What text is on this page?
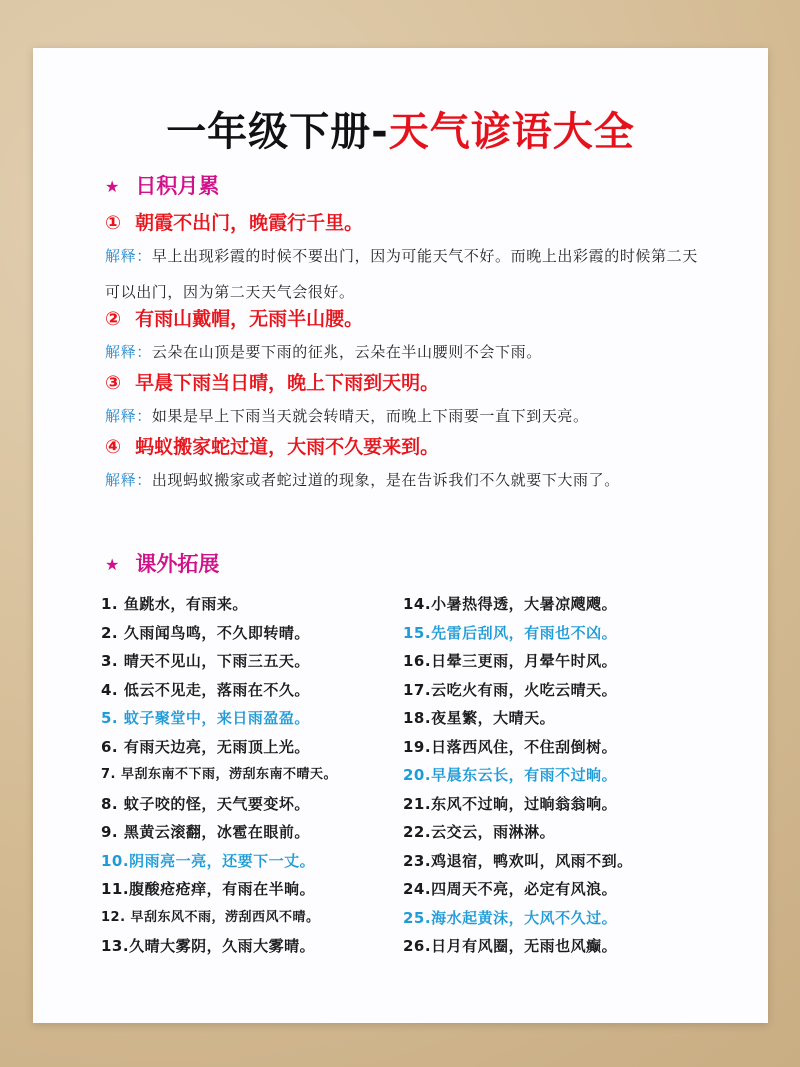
一年级下册-天气谚语大全
★ 日积月累
① 朝霞不出门，晚霞行千里。
解释：早上出现彩霞的时候不要出门，因为可能天气不好。而晚上出彩霞的时候第二天可以出门，因为第二天天气会很好。
② 有雨山戴帽，无雨半山腰。
解释：云朵在山顶是要下雨的征兆，云朵在半山腰则不会下雨。
③ 早晨下雨当日晴，晚上下雨到天明。
解释：如果是早上下雨当天就会转晴天，而晚上下雨要一直下到天亮。
④ 蚂蚁搬家蛇过道，大雨不久要来到。
解释：出现蚂蚁搬家或者蛇过道的现象，是在告诉我们不久就要下大雨了。
★ 课外拓展
1. 鱼跳水，有雨来。
2. 久雨闻鸟鸣，不久即转晴。
3. 晴天不见山，下雨三五天。
4. 低云不见走，落雨在不久。
5. 蚊子聚堂中，来日雨盈盈。
6. 有雨天边亮，无雨顶上光。
7. 早刮东南不下雨，涝刮东南不晴天。
8. 蚊子咬的怪，天气要变坏。
9. 黑黄云滚翻，冰雹在眼前。
10.阴雨亮一亮，还要下一丈。
11.腹酸疮疮痒，有雨在半晌。
12. 早刮东风不雨，涝刮西风不晴。
13.久晴大雾阴，久雨大雾晴。
14.小暑热得透，大暑凉飕飕。
15.先雷后刮风，有雨也不凶。
16.日晕三更雨，月晕午时风。
17.云吃火有雨，火吃云晴天。
18.夜星繁，大晴天。
19.日落西风住，不住刮倒树。
20.早晨东云长，有雨不过晌。
21.东风不过晌，过晌翁翁响。
22.云交云，雨淋淋。
23.鸡退宿，鸭欢叫，风雨不到。
24.四周天不亮，必定有风浪。
25.海水起黄沫，大风不久过。
26.日月有风圈，无雨也风癫。
